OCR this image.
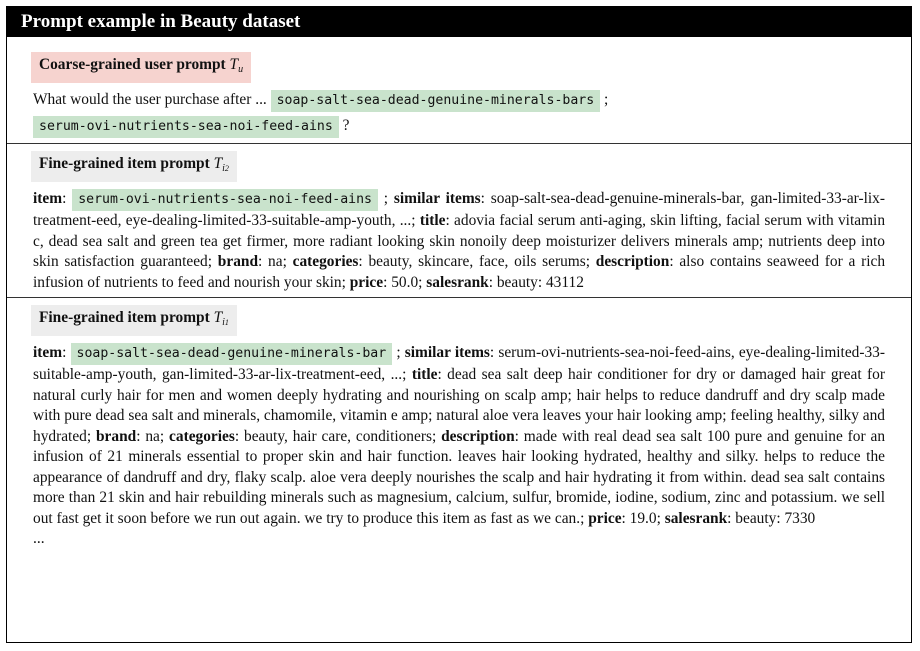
Prompt example in Beauty dataset
Coarse-grained user prompt $T_u$

What would the user purchase after ... soap-salt-sea-dead-genuine-minerals-bars ;
serum-ovi-nutrients-sea-noi-feed-ains ?

Fine-grained item prompt $T_{i2}$

item: serum-ovi-nutrients-sea-noi-feed-ains ; similar items: soap-salt-sea-dead-genuine-minerals-bar, gan-limited-33-ar-lix-treatment-eed, eye-dealing-limited-33-suitable-amp-youth, ...; title: adovia facial serum anti-aging, skin lifting, facial serum with vitamin c, dead sea salt and green tea get firmer, more radiant looking skin nonoily deep moisturizer delivers minerals amp; nutrients deep into skin satisfaction guaranteed; brand: na; categories: beauty, skincare, face, oils serums; description: also contains seaweed for a rich infusion of nutrients to feed and nourish your skin; price: 50.0; salesrank: beauty: 43112

Fine-grained item prompt $T_{i1}$

item: soap-salt-sea-dead-genuine-minerals-bar ; similar items: serum-ovi-nutrients-sea-noi-feed-ains, eye-dealing-limited-33-suitable-amp-youth, gan-limited-33-ar-lix-treatment-eed, ...; title: dead sea salt deep hair conditioner for dry or damaged hair great for natural curly hair for men and women deeply hydrating and nourishing on scalp amp; hair helps to reduce dandruff and dry scalp made with pure dead sea salt and minerals, chamomile, vitamin e amp; natural aloe vera leaves your hair looking amp; feeling healthy, silky and hydrated; brand: na; categories: beauty, hair care, conditioners; description: made with real dead sea salt 100 pure and genuine for an infusion of 21 minerals essential to proper skin and hair function. leaves hair looking hydrated, healthy and silky. helps to reduce the appearance of dandruff and dry, flaky scalp. aloe vera deeply nourishes the scalp and hair hydrating it from within. dead sea salt contains more than 21 skin and hair rebuilding minerals such as magnesium, calcium, sulfur, bromide, iodine, sodium, zinc and potassium. we sell out fast get it soon before we run out again. we try to produce this item as fast as we can.; price: 19.0; salesrank: beauty: 7330
...
